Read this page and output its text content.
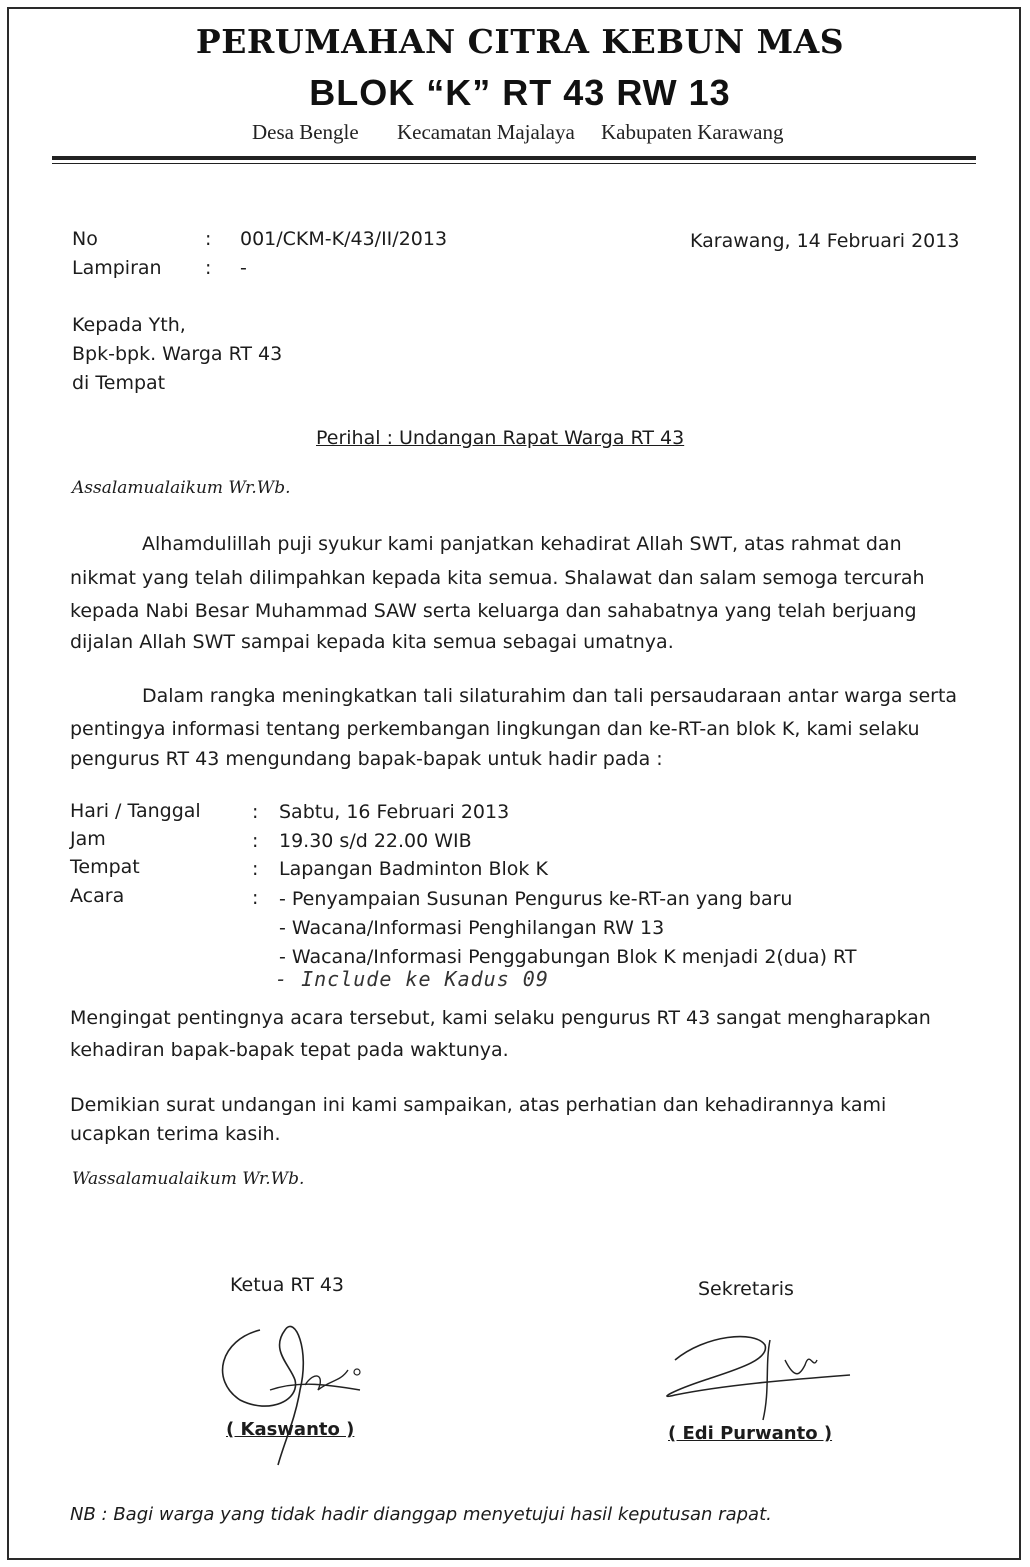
PERUMAHAN CITRA KEBUN MAS
BLOK “K” RT 43 RW 13
Desa Bengle Kecamatan Majalaya Kabupaten Karawang
No	: 001/CKM-K/43/II/2013
Lampiran : -
Karawang, 14 Februari 2013
Kepada Yth,
Bpk-bpk. Warga RT 43
di Tempat
Perihal : Undangan Rapat Warga RT 43
Assalamualaikum Wr.Wb.
Alhamdulillah puji syukur kami panjatkan kehadirat Allah SWT, atas rahmat dan
nikmat yang telah dilimpahkan kepada kita semua. Shalawat dan salam semoga tercurah
kepada Nabi Besar Muhammad SAW serta keluarga dan sahabatnya yang telah berjuang
dijalan Allah SWT sampai kepada kita semua sebagai umatnya.
Dalam rangka meningkatkan tali silaturahim dan tali persaudaraan antar warga serta
pentingya informasi tentang perkembangan lingkungan dan ke-RT-an blok K, kami selaku
pengurus RT 43 mengundang bapak-bapak untuk hadir pada :
Hari / Tanggal	: Sabtu, 16 Februari 2013
Jam	: 19.30 s/d 22.00 WIB
Tempat	: Lapangan Badminton Blok K
Acara	: - Penyampaian Susunan Pengurus ke-RT-an yang baru
- Wacana/Informasi Penghilangan RW 13
- Wacana/Informasi Penggabungan Blok K menjadi 2(dua) RT
- Include ke Kadus 09
Mengingat pentingnya acara tersebut, kami selaku pengurus RT 43 sangat mengharapkan
kehadiran bapak-bapak tepat pada waktunya.
Demikian surat undangan ini kami sampaikan, atas perhatian dan kehadirannya kami
ucapkan terima kasih.
Wassalamualaikum Wr.Wb.
Ketua RT 43	Sekretaris
( Kaswanto )	( Edi Purwanto )
NB : Bagi warga yang tidak hadir dianggap menyetujui hasil keputusan rapat.
